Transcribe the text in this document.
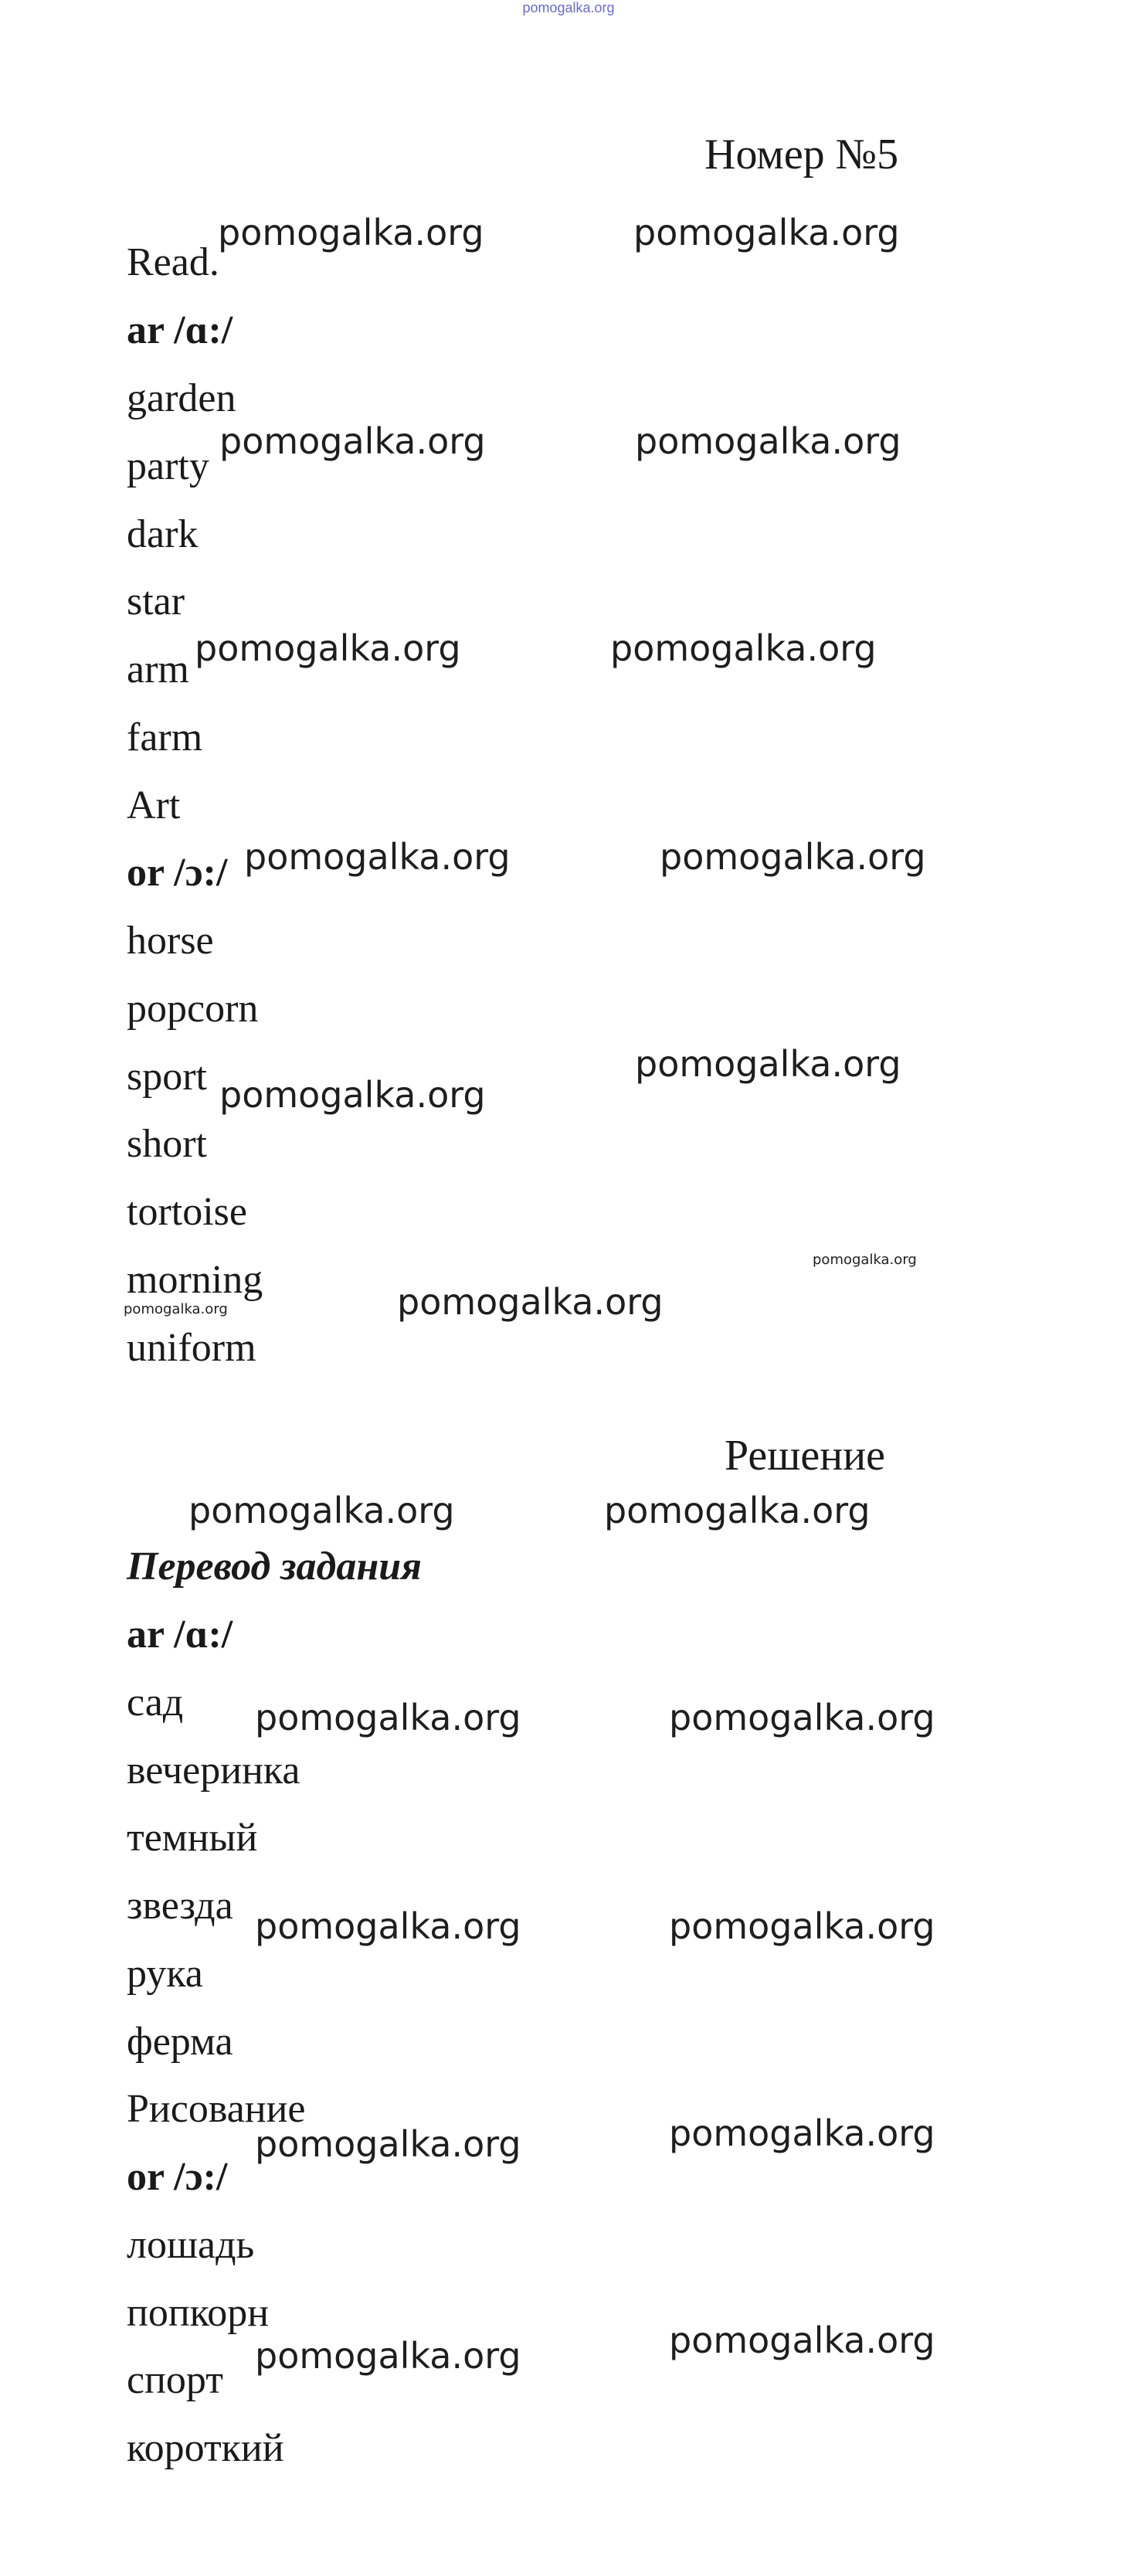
pomogalka.org
Номер №5
Read.
ar /ɑ:/
garden
party
dark
star
arm
farm
Art
or /ɔ:/
horse
popcorn
sport
short
tortoise
morning
uniform
Решение
Перевод задания
ar /ɑ:/
сад
вечеринка
темный
звезда
рука
ферма
Рисование
or /ɔ:/
лошадь
попкорн
спорт
короткий
pomogalka.org	pomogalka.org
pomogalka.org	pomogalka.org
pomogalka.org	pomogalka.org
pomogalka.org	pomogalka.org
pomogalka.org
pomogalka.org
pomogalka.org
pomogalka.org	pomogalka.org
pomogalka.org	pomogalka.org
pomogalka.org	pomogalka.org
pomogalka.org	pomogalka.org
pomogalka.org	pomogalka.org
pomogalka.org	pomogalka.org
